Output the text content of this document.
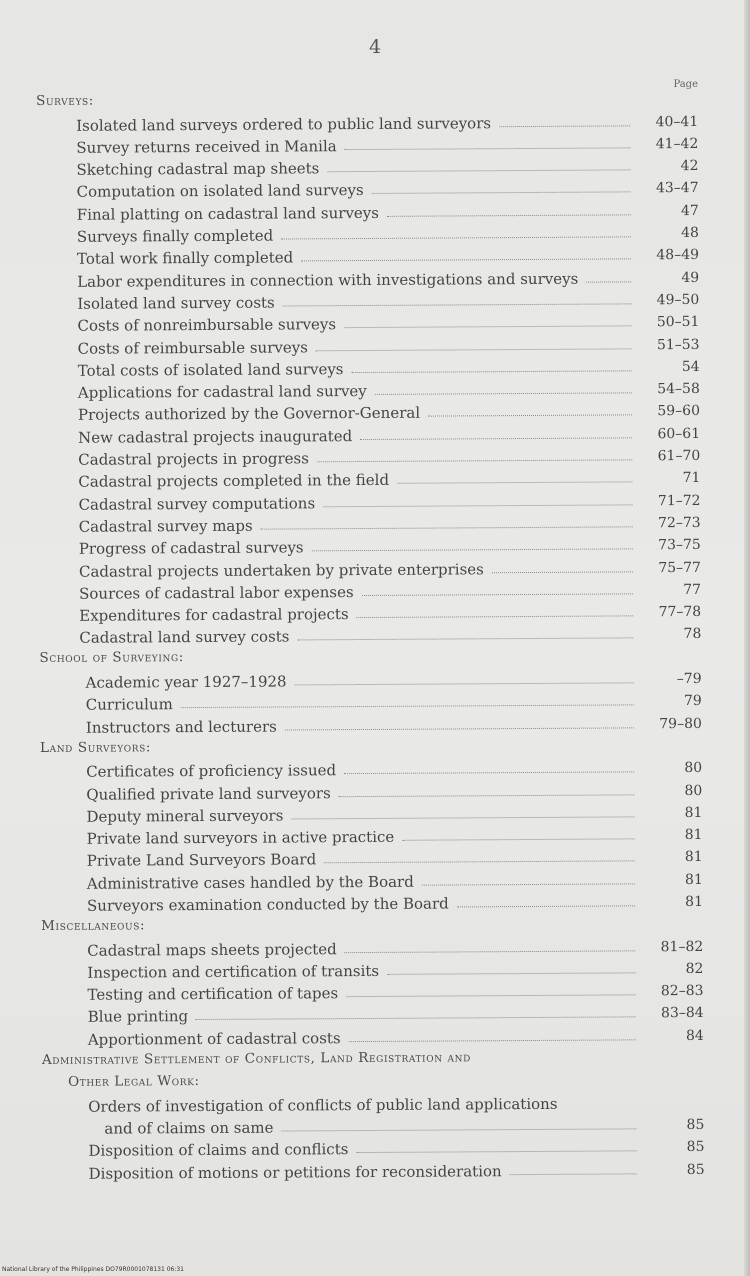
4
Page
Surveys:
Isolated land surveys ordered to public land surveyors	40–41
Survey returns received in Manila	41–42
Sketching cadastral map sheets	42
Computation on isolated land surveys	43–47
Final platting on cadastral land surveys	47
Surveys finally completed	48
Total work finally completed	48–49
Labor expenditures in connection with investigations and surveys	49
Isolated land survey costs	49–50
Costs of nonreimbursable surveys	50–51
Costs of reimbursable surveys	51–53
Total costs of isolated land surveys	54
Applications for cadastral land survey	54–58
Projects authorized by the Governor-General	59–60
New cadastral projects inaugurated	60–61
Cadastral projects in progress	61–70
Cadastral projects completed in the field	71
Cadastral survey computations	71–72
Cadastral survey maps	72–73
Progress of cadastral surveys	73–75
Cadastral projects undertaken by private enterprises	75–77
Sources of cadastral labor expenses	77
Expenditures for cadastral projects	77–78
Cadastral land survey costs	78
School of Surveying:
Academic year 1927–1928	–79
Curriculum	79
Instructors and lecturers	79–80
Land Surveyors:
Certificates of proficiency issued	80
Qualified private land surveyors	80
Deputy mineral surveyors	81
Private land surveyors in active practice	81
Private Land Surveyors Board	81
Administrative cases handled by the Board	81
Surveyors examination conducted by the Board	81
Miscellaneous:
Cadastral maps sheets projected	81–82
Inspection and certification of transits	82
Testing and certification of tapes	82–83
Blue printing	83–84
Apportionment of cadastral costs	84
Administrative Settlement of Conflicts, Land Registration and
Other Legal Work:
Orders of investigation of conflicts of public land applications
and of claims on same	85
Disposition of claims and conflicts	85
Disposition of motions or petitions for reconsideration	85
National Library of the Philippines DO79R0001078131 06:31
